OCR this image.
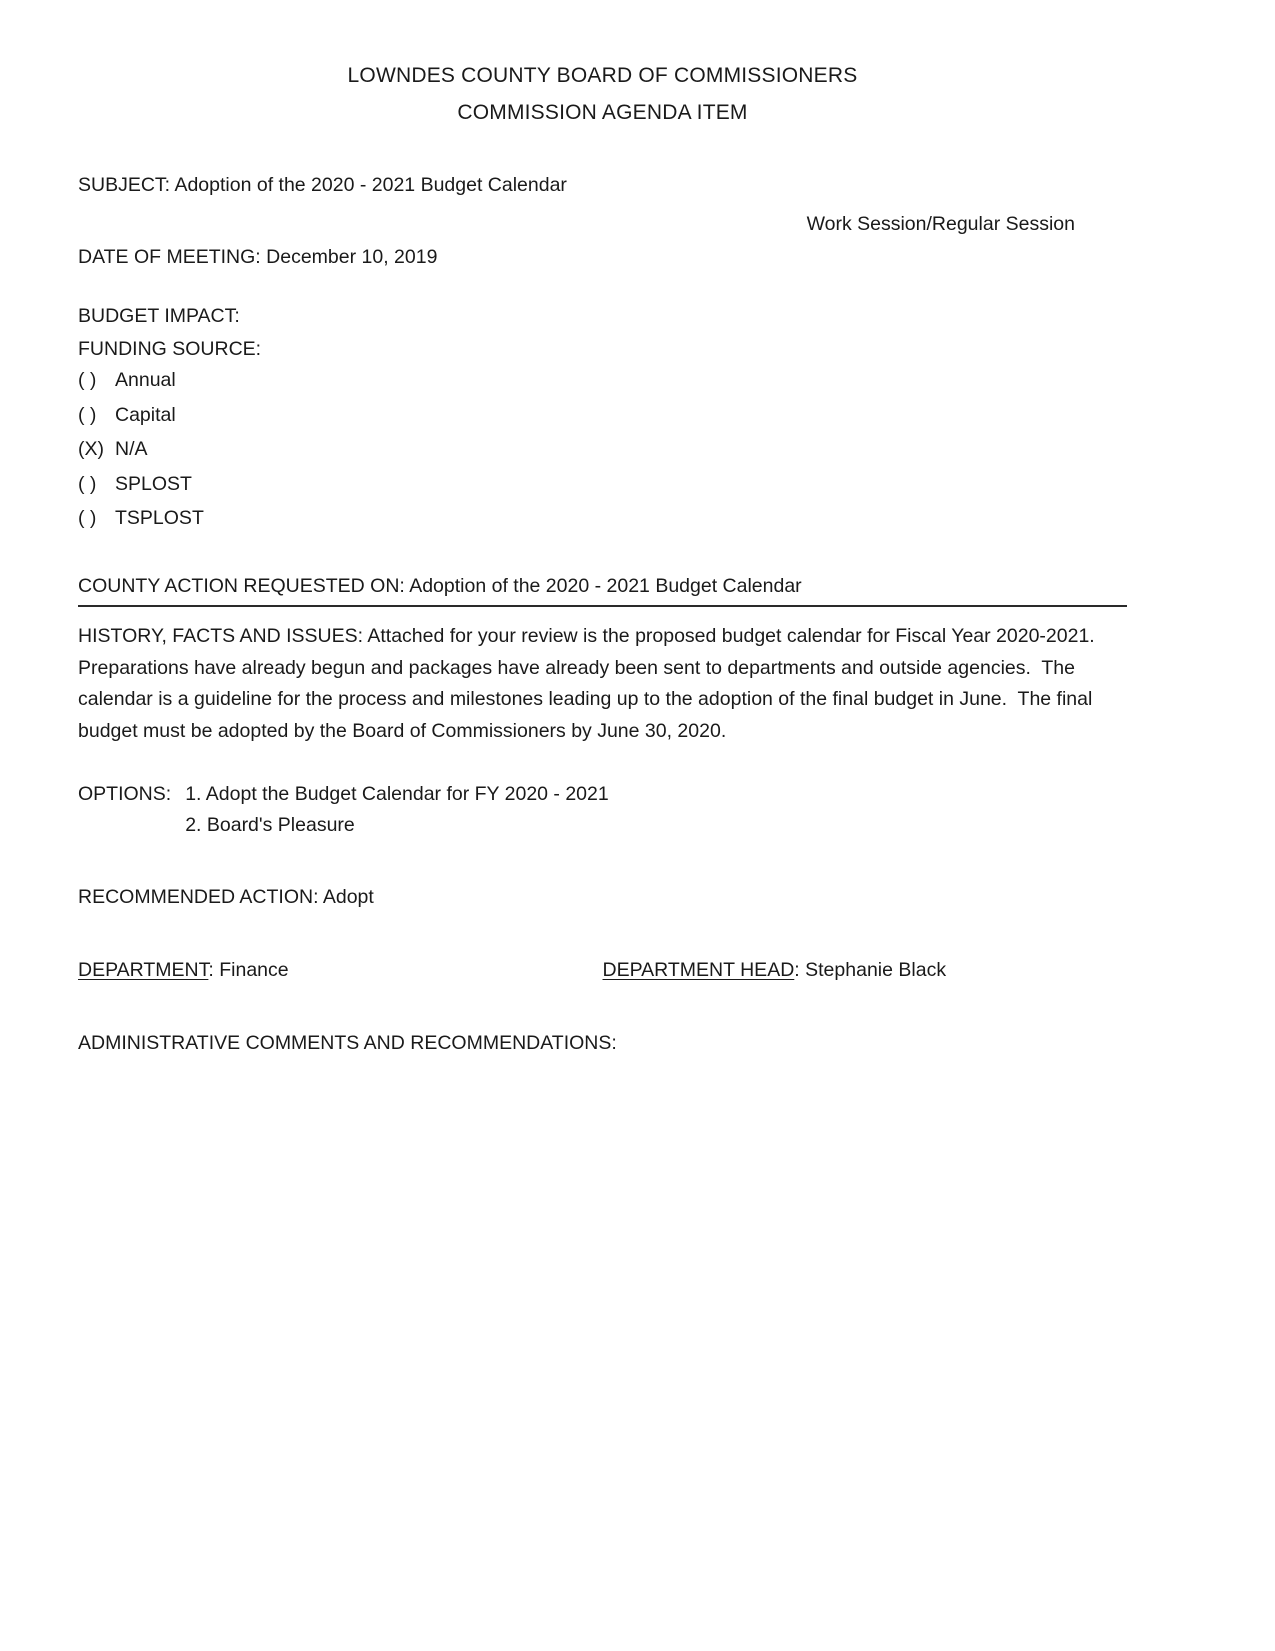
LOWNDES COUNTY BOARD OF COMMISSIONERS
COMMISSION AGENDA ITEM
SUBJECT: Adoption of the 2020 - 2021 Budget Calendar
Work Session/Regular Session
DATE OF MEETING: December 10, 2019
BUDGET IMPACT:
FUNDING SOURCE:
( ) Annual
( ) Capital
(X) N/A
( ) SPLOST
( ) TSPLOST
COUNTY ACTION REQUESTED ON: Adoption of the 2020 - 2021 Budget Calendar
HISTORY, FACTS AND ISSUES: Attached for your review is the proposed budget calendar for Fiscal Year 2020-2021.  Preparations have already begun and packages have already been sent to departments and outside agencies.  The calendar is a guideline for the process and milestones leading up to the adoption of the final budget in June.  The final budget must be adopted by the Board of Commissioners by June 30, 2020.
OPTIONS: 1. Adopt the Budget Calendar for FY 2020 - 2021
2. Board's Pleasure
RECOMMENDED ACTION: Adopt
DEPARTMENT: Finance	DEPARTMENT HEAD: Stephanie Black
ADMINISTRATIVE COMMENTS AND RECOMMENDATIONS:
